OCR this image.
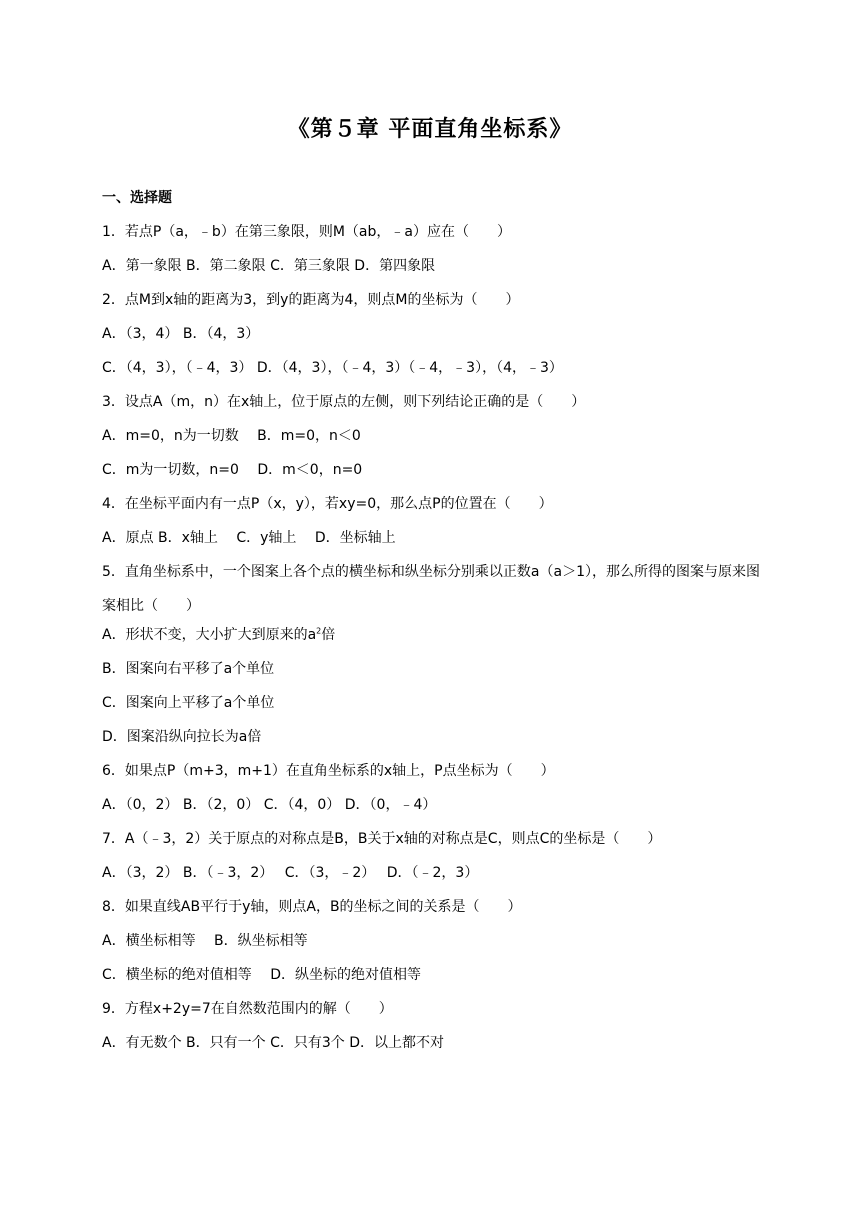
《第５章 平面直角坐标系》
一、选择题
1．若点P（a，﹣b）在第三象限，则M（ab，﹣a）应在（　　）
A．第一象限 B．第二象限 C．第三象限 D．第四象限
2．点M到x轴的距离为3，到y的距离为4，则点M的坐标为（　　）
A．（3，4） B．（4，3）
C．（4，3），（﹣4，3） D．（4，3），（﹣4，3）（﹣4，﹣3），（4，﹣3）
3．设点A（m，n）在x轴上，位于原点的左侧，则下列结论正确的是（　　）
A．m=0，n为一切数　 B．m=0，n＜0
C．m为一切数，n=0　 D．m＜0，n=0
4．在坐标平面内有一点P（x，y），若xy=0，那么点P的位置在（　　）
A．原点 B．x轴上　 C．y轴上　 D．坐标轴上
5．直角坐标系中，一个图案上各个点的横坐标和纵坐标分别乘以正数a（a＞1），那么所得的图案与原来图案相比（　　）
A．形状不变，大小扩大到原来的$a^2$倍
B．图案向右平移了a个单位
C．图案向上平移了a个单位
D．图案沿纵向拉长为a倍
6．如果点P（m+3，m+1）在直角坐标系的x轴上，P点坐标为（　　）
A．（0，2） B．（2，0） C．（4，0） D．（0，﹣4）
7．A（﹣3，2）关于原点的对称点是B，B关于x轴的对称点是C，则点C的坐标是（　　）
A．（3，2） B．（﹣3，2）　 C．（3，﹣2）　 D．（﹣2，3）
8．如果直线AB平行于y轴，则点A，B的坐标之间的关系是（　　）
A．横坐标相等　 B．纵坐标相等
C．横坐标的绝对值相等　 D．纵坐标的绝对值相等
9．方程x+2y=7在自然数范围内的解（　　）
A．有无数个 B．只有一个 C．只有3个 D．以上都不对
